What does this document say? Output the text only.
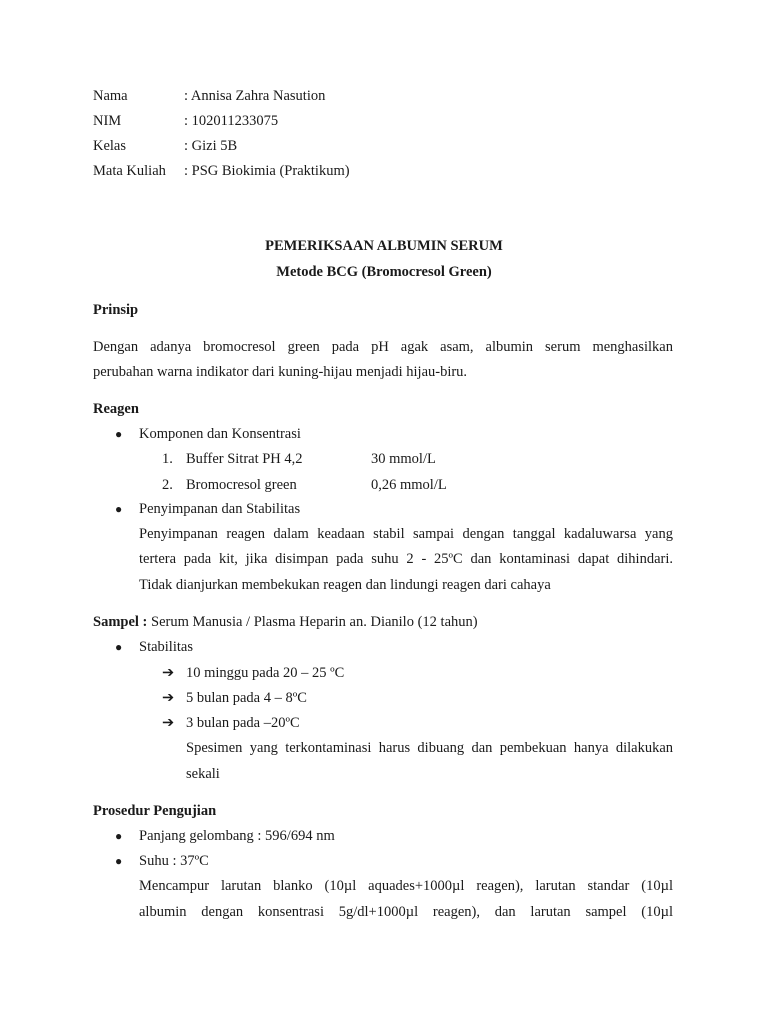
Nama	: Annisa Zahra Nasution
NIM	: 102011233075
Kelas	: Gizi 5B
Mata Kuliah : PSG Biokimia (Praktikum)
PEMERIKSAAN ALBUMIN SERUM
Metode BCG (Bromocresol Green)
Prinsip
Dengan adanya bromocresol green pada pH agak asam, albumin serum menghasilkan
perubahan warna indikator dari kuning-hijau menjadi hijau-biru.
Reagen
● Komponen dan Konsentrasi
1. Buffer Sitrat PH 4,2	30 mmol/L
2. Bromocresol green	0,26 mmol/L
● Penyimpanan dan Stabilitas
Penyimpanan reagen dalam keadaan stabil sampai dengan tanggal kadaluwarsa yang
tertera pada kit, jika disimpan pada suhu 2 - 25ºC dan kontaminasi dapat dihindari.
Tidak dianjurkan membekukan reagen dan lindungi reagen dari cahaya
Sampel : Serum Manusia / Plasma Heparin an. Dianilo (12 tahun)
● Stabilitas
➔ 10 minggu pada 20 – 25 ºC
➔ 5 bulan pada 4 – 8ºC
➔ 3 bulan pada –20ºC
Spesimen yang terkontaminasi harus dibuang dan pembekuan hanya dilakukan
sekali
Prosedur Pengujian
● Panjang gelombang : 596/694 nm
● Suhu : 37ºC
Mencampur larutan blanko (10µl aquades+1000µl reagen), larutan standar (10µl
albumin dengan konsentrasi 5g/dl+1000µl reagen), dan larutan sampel (10µl
